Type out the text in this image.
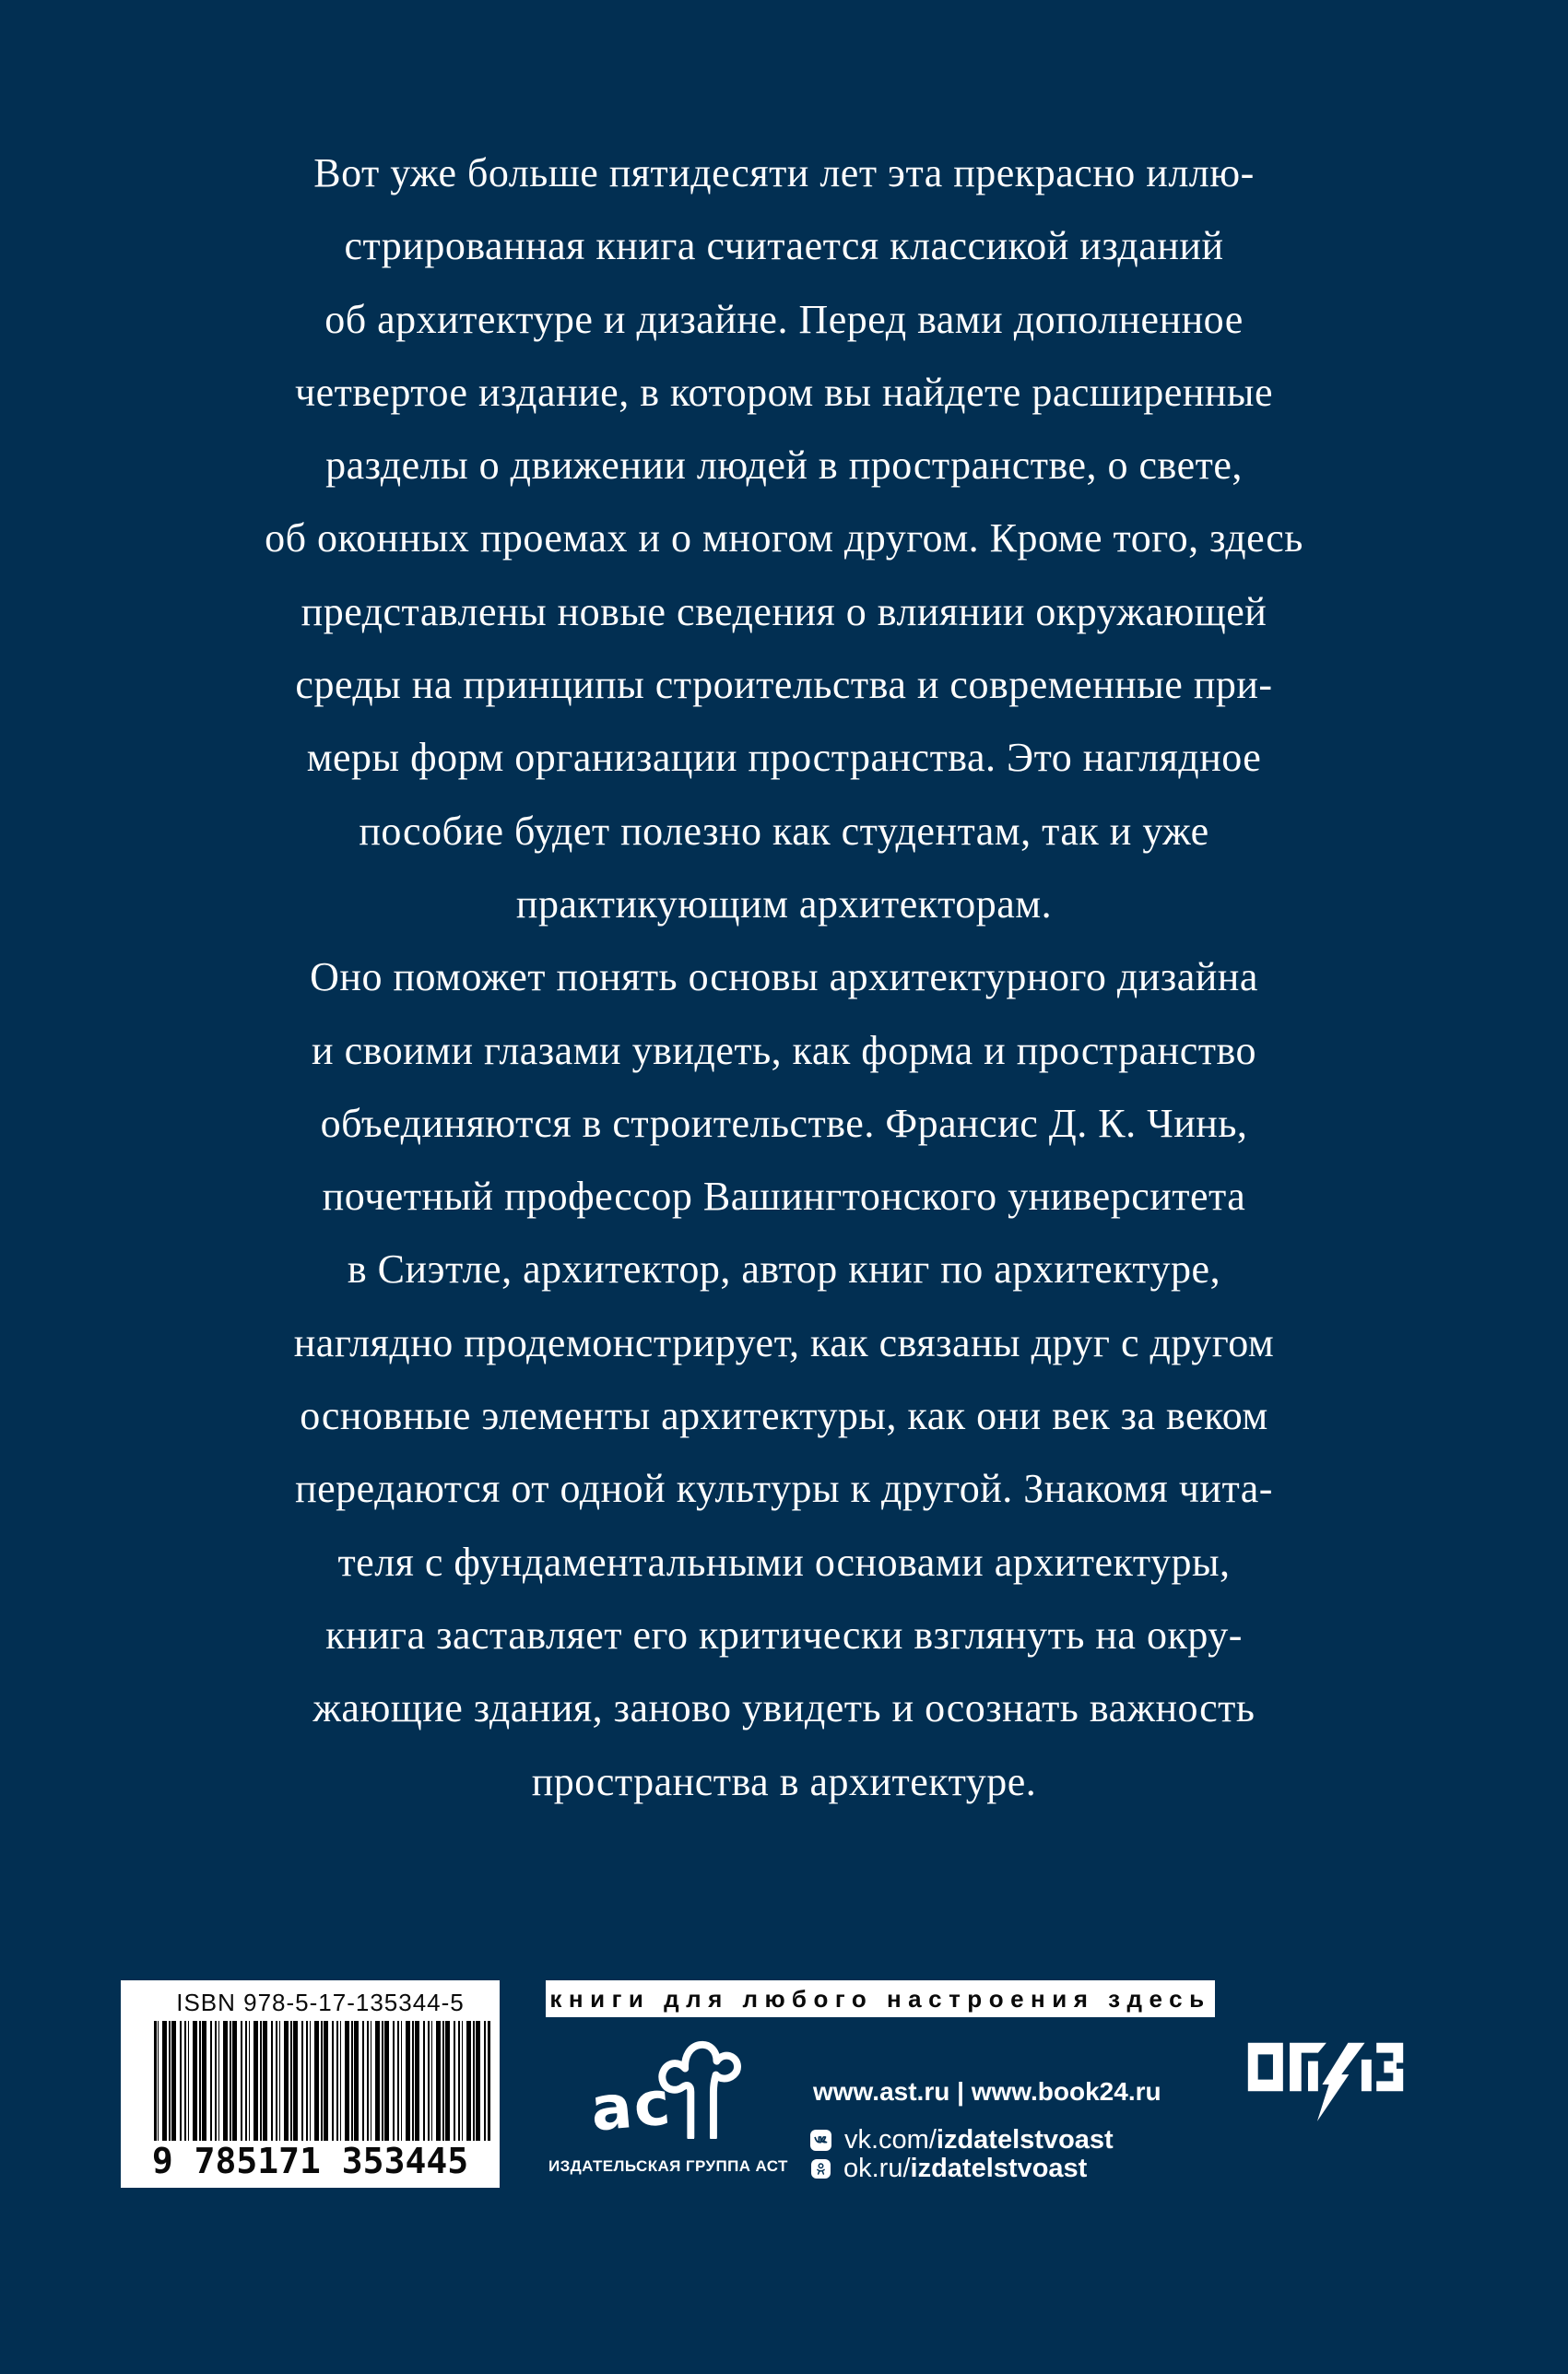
Вот уже больше пятидесяти лет эта прекрасно иллю-
стрированная книга считается классикой изданий
об архитектуре и дизайне. Перед вами дополненное
четвертое издание, в котором вы найдете расширенные
разделы о движении людей в пространстве, о свете,
об оконных проемах и о многом другом. Кроме того, здесь
представлены новые сведения о влиянии окружающей
среды на принципы строительства и современные при-
меры форм организации пространства. Это наглядное
пособие будет полезно как студентам, так и уже
практикующим архитекторам.
Оно поможет понять основы архитектурного дизайна
и своими глазами увидеть, как форма и пространство
объединяются в строительстве. Франсис Д. К. Чинь,
почетный профессор Вашингтонского университета
в Сиэтле, архитектор, автор книг по архитектуре,
наглядно продемонстрирует, как связаны друг с другом
основные элементы архитектуры, как они век за веком
передаются от одной культуры к другой. Знакомя чита-
теля с фундаментальными основами архитектуры,
книга заставляет его критически взглянуть на окру-
жающие здания, заново увидеть и осознать важность
пространства в архитектуре.
ISBN 978-5-17-135344-5
9 785171 353445
книги для любого настроения здесь
ас
ИЗДАТЕЛЬСКАЯ ГРУППА АСТ
www.ast.ru | www.book24.ru
vk.com/izdatelstvoast
ok.ru/izdatelstvoast
